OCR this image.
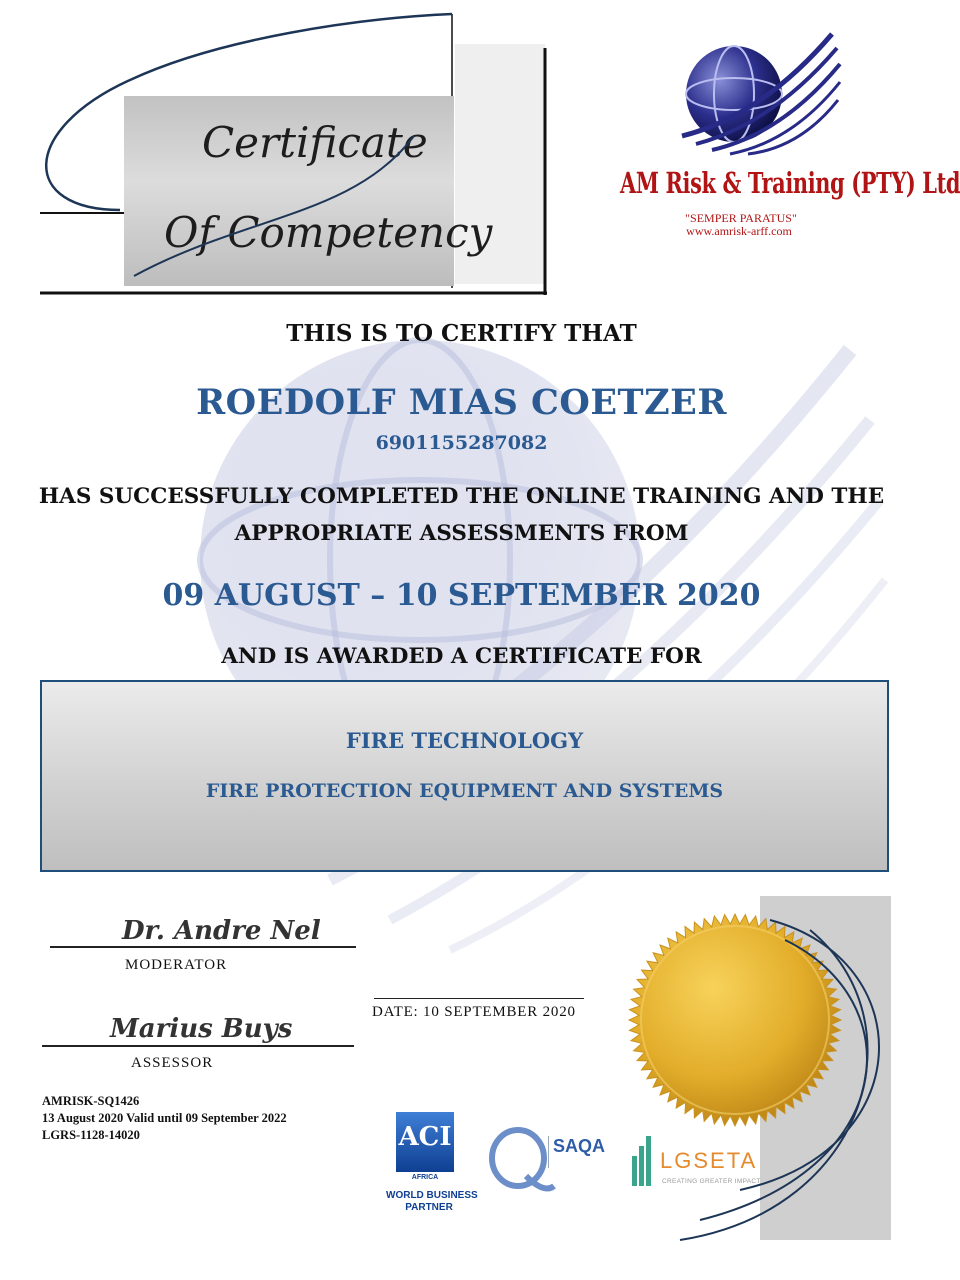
Certificate
Of Competency
AM Risk & Training (PTY) Ltd
"SEMPER PARATUS"
www.amrisk-arff.com
THIS IS TO CERTIFY THAT
ROEDOLF MIAS COETZER
6901155287082
HAS SUCCESSFULLY COMPLETED THE ONLINE TRAINING AND THE
APPROPRIATE ASSESSMENTS FROM
09 AUGUST – 10 SEPTEMBER 2020
AND IS AWARDED A CERTIFICATE FOR
FIRE TECHNOLOGY
FIRE PROTECTION EQUIPMENT AND SYSTEMS
Dr. Andre Nel
MODERATOR
DATE: 10 SEPTEMBER 2020
Marius Buys
ASSESSOR
AMRISK-SQ1426
13 August 2020 Valid until 09 September 2022
LGRS-1128-14020	ACI
AFRICA
WORLD BUSINESS
PARTNER
SAQA
LGSETA
CREATING GREATER IMPACT
